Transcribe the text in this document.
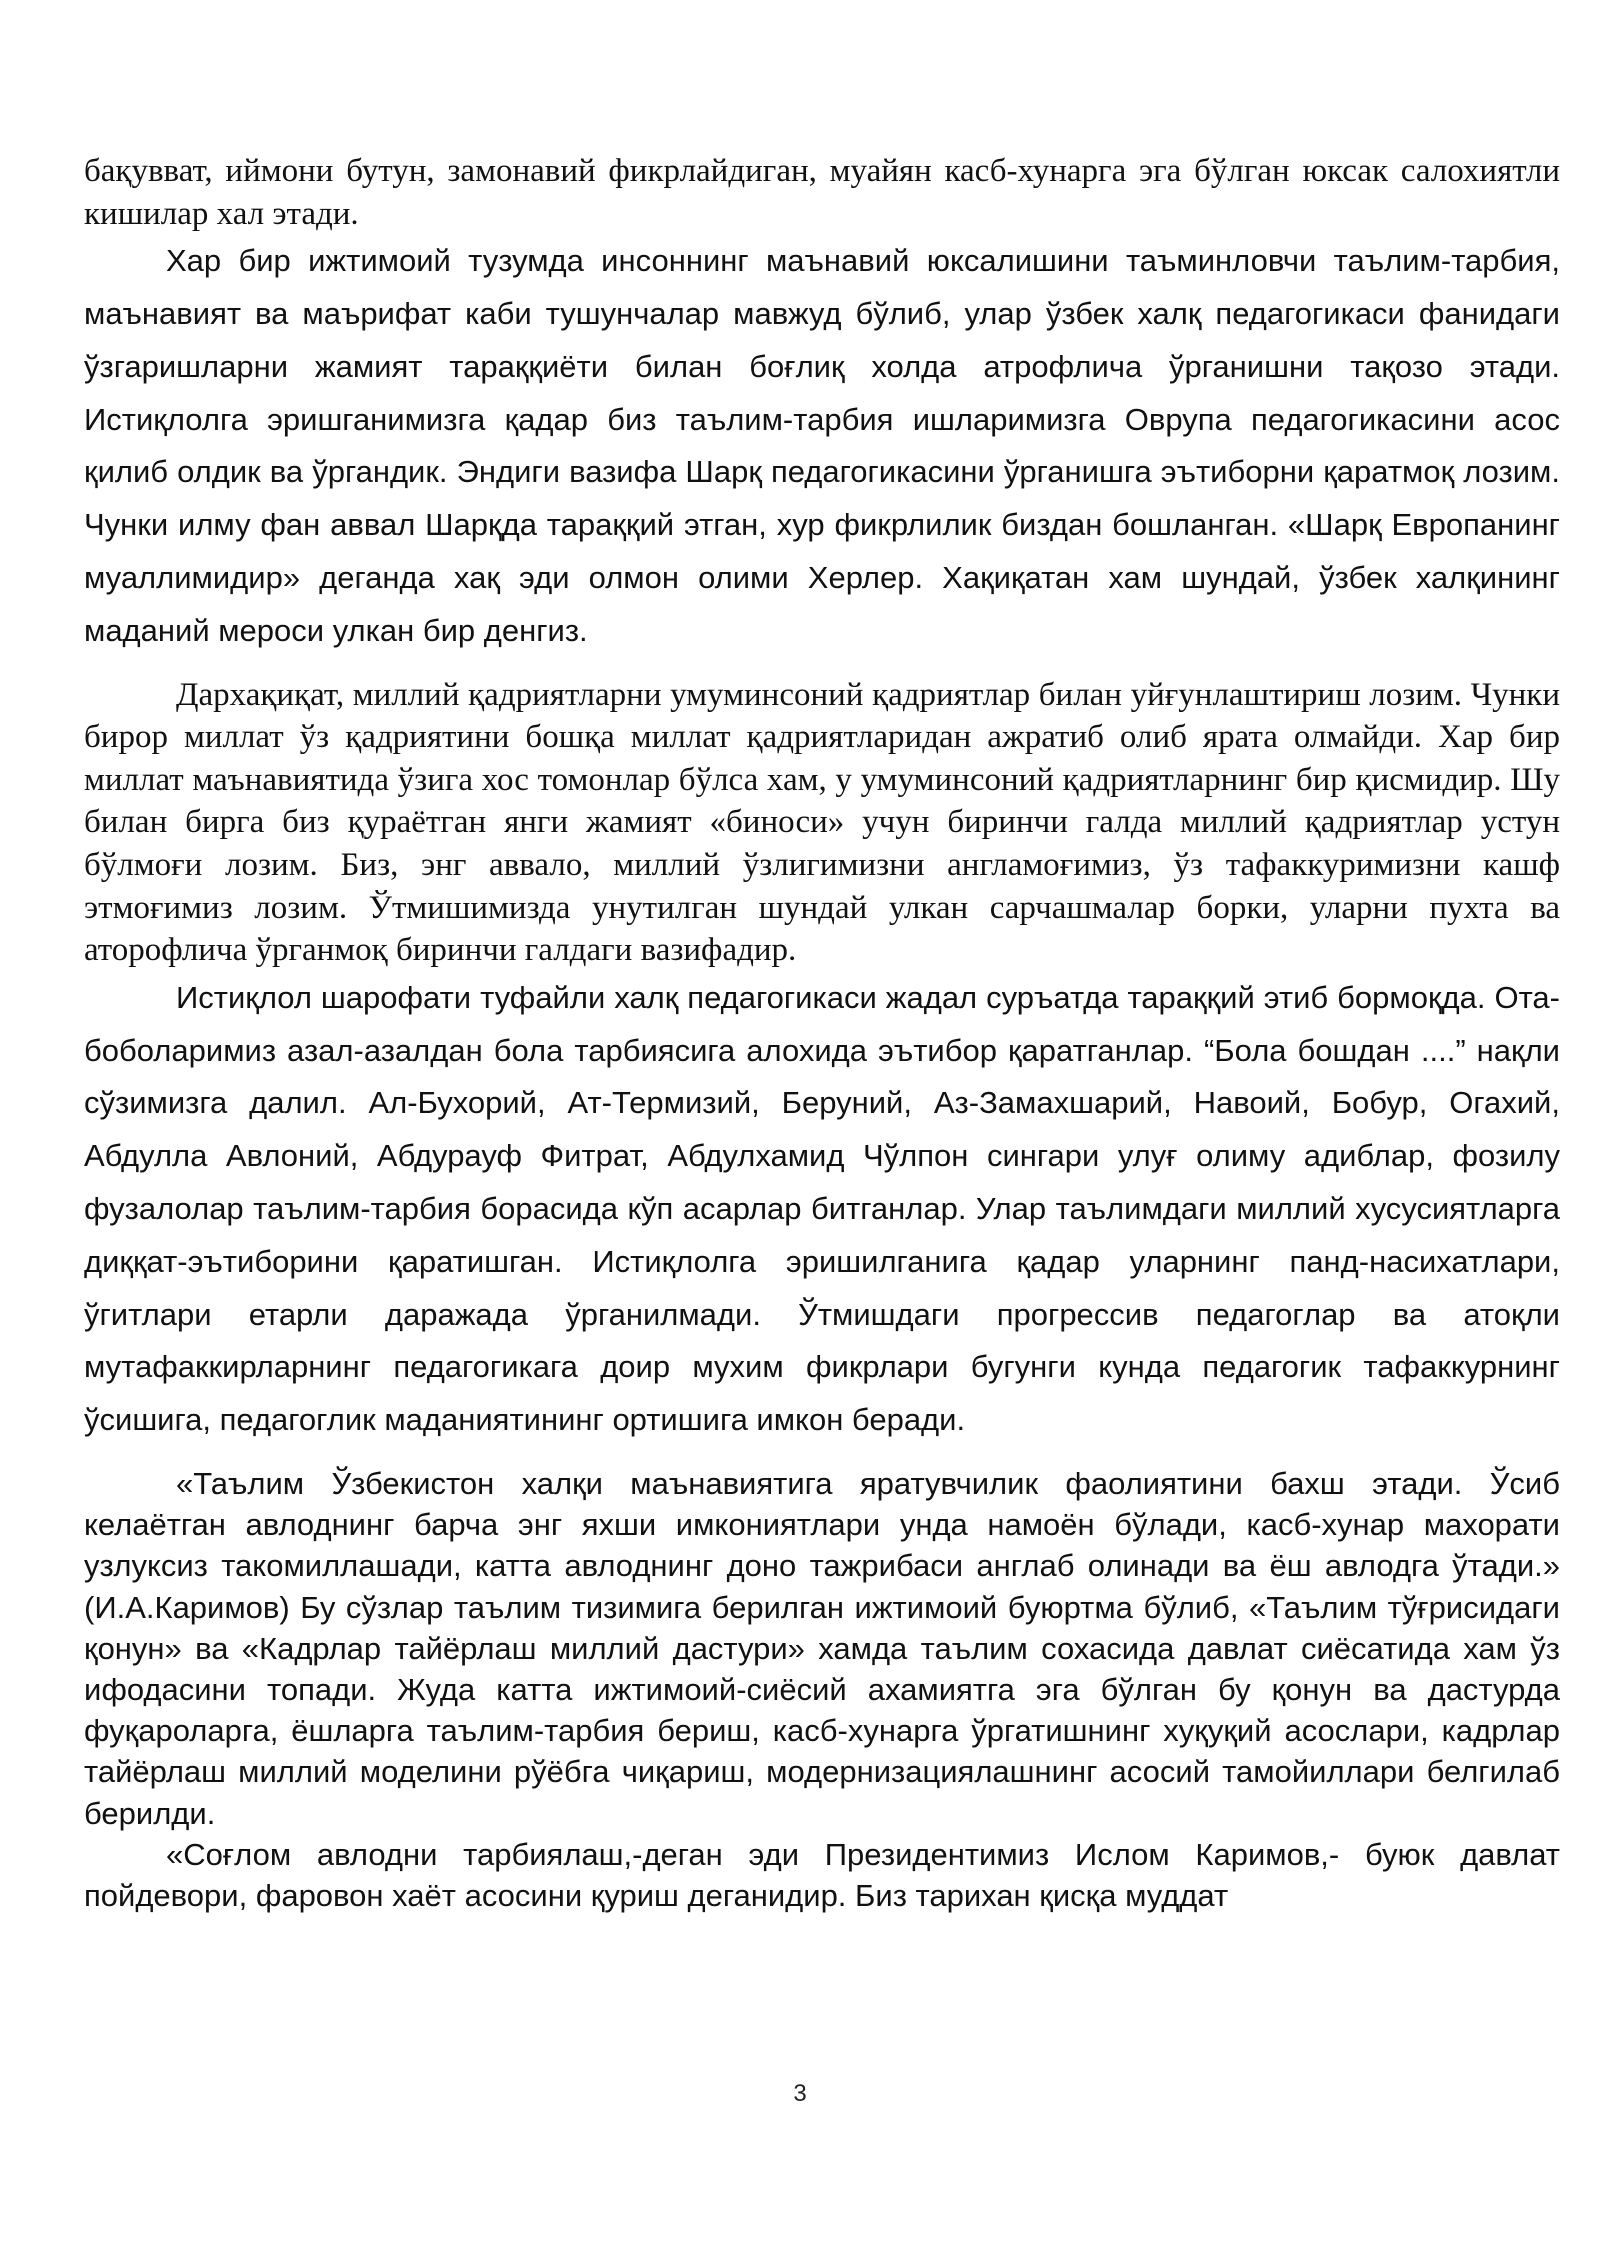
бақувват, иймони бутун, замонавий фикрлайдиган, муайян касб-хунарга эга бўлган юксак салохиятли кишилар хал этади.

Хар бир ижтимоий тузумда инсоннинг маънавий юксалишини таъминловчи таълим-тарбия, маънавият ва маърифат каби тушунчалар мавжуд бўлиб, улар ўзбек халқ педагогикаси фанидаги ўзгаришларни жамият тараққиёти билан боғлиқ холда атрофлича ўрганишни тақозо этади. Истиқлолга эришганимизга қадар биз таълим-тарбия ишларимизга Оврупа педагогикасини асос қилиб олдик ва ўргандик. Эндиги вазифа Шарқ педагогикасини ўрганишга эътиборни қаратмоқ лозим. Чунки илму фан аввал Шарқда тараққий этган, хур фикрлилик биздан бошланган. «Шарқ Европанинг муаллимидир» деганда хақ эди олмон олими Херлер. Хақиқатан хам шундай, ўзбек халқининг маданий мероси улкан бир денгиз.

Дархақиқат, миллий қадриятларни умуминсоний қадриятлар билан уйғунлаштириш лозим. Чунки бирор миллат ўз қадриятини бошқа миллат қадриятларидан ажратиб олиб ярата олмайди. Хар бир миллат маънавиятида ўзига хос томонлар бўлса хам, у умуминсоний қадриятларнинг бир қисмидир. Шу билан бирга биз қураётган янги жамият «биноси» учун биринчи галда миллий қадриятлар устун бўлмоғи лозим. Биз, энг аввало, миллий ўзлигимизни англамоғимиз, ўз тафаккуримизни кашф этмоғимиз лозим. Ўтмишимизда унутилган шундай улкан сарчашмалар борки, уларни пухта ва аторофлича ўрганмоқ биринчи галдаги вазифадир.

Истиқлол шарофати туфайли халқ педагогикаси жадал суръатда тараққий этиб бормоқда. Ота-боболаримиз азал-азалдан бола тарбиясига алохида эътибор қаратганлар. “Бола бошдан ....” нақли сўзимизга далил. Ал-Бухорий, Ат-Термизий, Беруний, Аз-Замахшарий, Навоий, Бобур, Огахий, Абдулла Авлоний, Абдурауф Фитрат, Абдулхамид Чўлпон сингари улуғ олиму адиблар, фозилу фузалолар таълим-тарбия борасида кўп асарлар битганлар. Улар таълимдаги миллий хусусиятларга диққат-эътиборини қаратишган. Истиқлолга эришилганига қадар уларнинг панд-насихатлари, ўгитлари етарли даражада ўрганилмади. Ўтмишдаги прогрессив педагоглар ва атоқли мутафаккирларнинг педагогикага доир мухим фикрлари бугунги кунда педагогик тафаккурнинг ўсишига, педагоглик маданиятининг ортишига имкон беради.

«Таълим Ўзбекистон халқи маънавиятига яратувчилик фаолиятини бахш этади. Ўсиб келаётган авлоднинг барча энг яхши имкониятлари унда намоён бўлади, касб-хунар махорати узлуксиз такомиллашади, катта авлоднинг доно тажрибаси англаб олинади ва ёш авлодга ўтади.» (И.А.Каримов) Бу сўзлар таълим тизимига берилган ижтимоий буюртма бўлиб, «Таълим тўғрисидаги қонун» ва «Кадрлар тайёрлаш миллий дастури» хамда таълим сохасида давлат сиёсатида хам ўз ифодасини топади. Жуда катта ижтимоий-сиёсий ахамиятга эга бўлган бу қонун ва дастурда фуқароларга, ёшларга таълим-тарбия бериш, касб-хунарга ўргатишнинг хуқуқий асослари, кадрлар тайёрлаш миллий моделини рўёбга чиқариш, модернизациялашнинг асосий тамойиллари белгилаб берилди.

«Соғлом авлодни тарбиялаш,-деган эди Президентимиз Ислом Каримов,- буюк давлат пойдевори, фаровон хаёт асосини қуриш деганидир. Биз тарихан қисқа муддат

3
